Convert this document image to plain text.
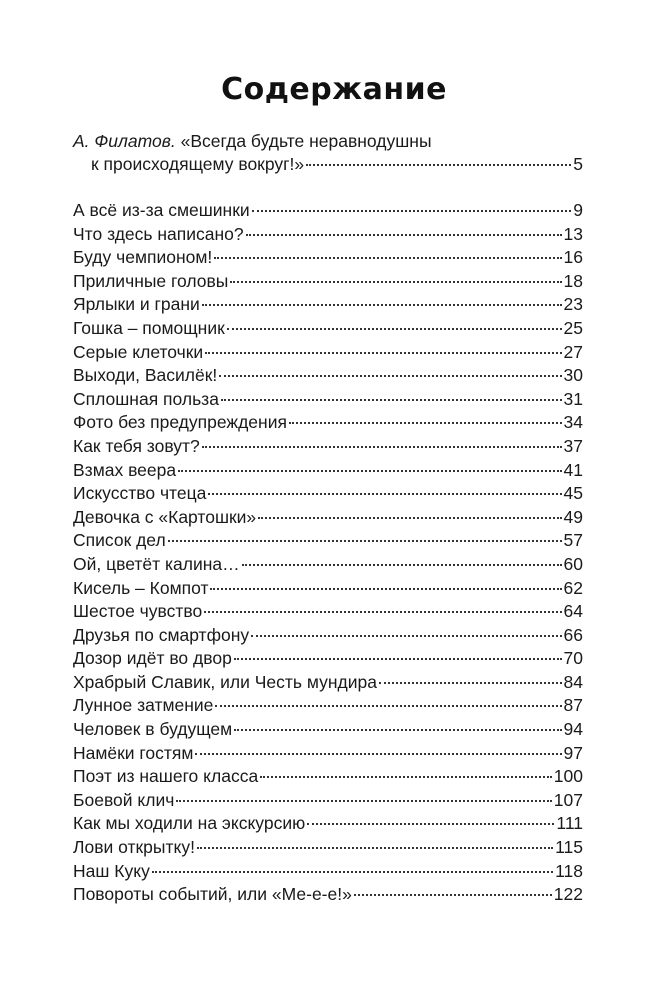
Содержание
А. Филатов. «Всегда будьте неравнодушны
к происходящему вокруг!»	5
А всё из-за смешинки	9
Что здесь написано?	13
Буду чемпионом!	16
Приличные головы	18
Ярлыки и грани	23
Гошка – помощник	25
Серые клеточки	27
Выходи, Василёк!	30
Сплошная польза	31
Фото без предупреждения	34
Как тебя зовут?	37
Взмах веера	41
Искусство чтеца	45
Девочка с «Картошки»	49
Список дел	57
Ой, цветёт калина…	60
Кисель – Компот	62
Шестое чувство	64
Друзья по смартфону	66
Дозор идёт во двор	70
Храбрый Славик, или Честь мундира	84
Лунное затмение	87
Человек в будущем	94
Намёки гостям	97
Поэт из нашего класса	100
Боевой клич	107
Как мы ходили на экскурсию	111
Лови открытку!	115
Наш Куку	118
Повороты событий, или «Ме-е-е!»	122
